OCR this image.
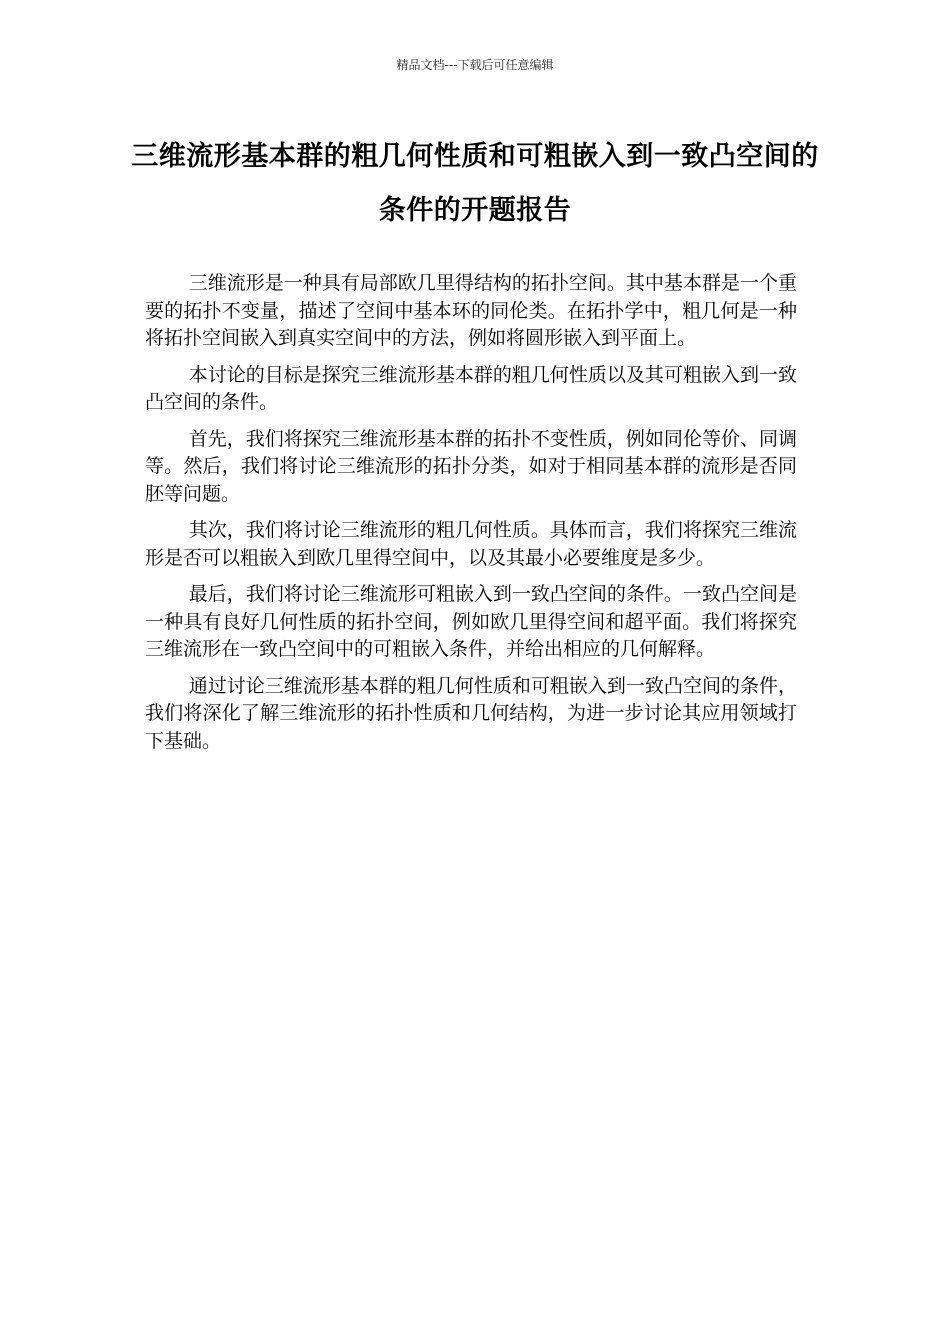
精品文档---下载后可任意编辑
三维流形基本群的粗几何性质和可粗嵌入到一致凸空间的条件的开题报告

三维流形是一种具有局部欧几里得结构的拓扑空间。其中基本群是一个重要的拓扑不变量，描述了空间中基本环的同伦类。在拓扑学中，粗几何是一种将拓扑空间嵌入到真实空间中的方法，例如将圆形嵌入到平面上。

本讨论的目标是探究三维流形基本群的粗几何性质以及其可粗嵌入到一致凸空间的条件。

首先，我们将探究三维流形基本群的拓扑不变性质，例如同伦等价、同调等。然后，我们将讨论三维流形的拓扑分类，如对于相同基本群的流形是否同胚等问题。

其次，我们将讨论三维流形的粗几何性质。具体而言，我们将探究三维流形是否可以粗嵌入到欧几里得空间中，以及其最小必要维度是多少。

最后，我们将讨论三维流形可粗嵌入到一致凸空间的条件。一致凸空间是一种具有良好几何性质的拓扑空间，例如欧几里得空间和超平面。我们将探究三维流形在一致凸空间中的可粗嵌入条件，并给出相应的几何解释。

通过讨论三维流形基本群的粗几何性质和可粗嵌入到一致凸空间的条件，我们将深化了解三维流形的拓扑性质和几何结构，为进一步讨论其应用领域打下基础。
